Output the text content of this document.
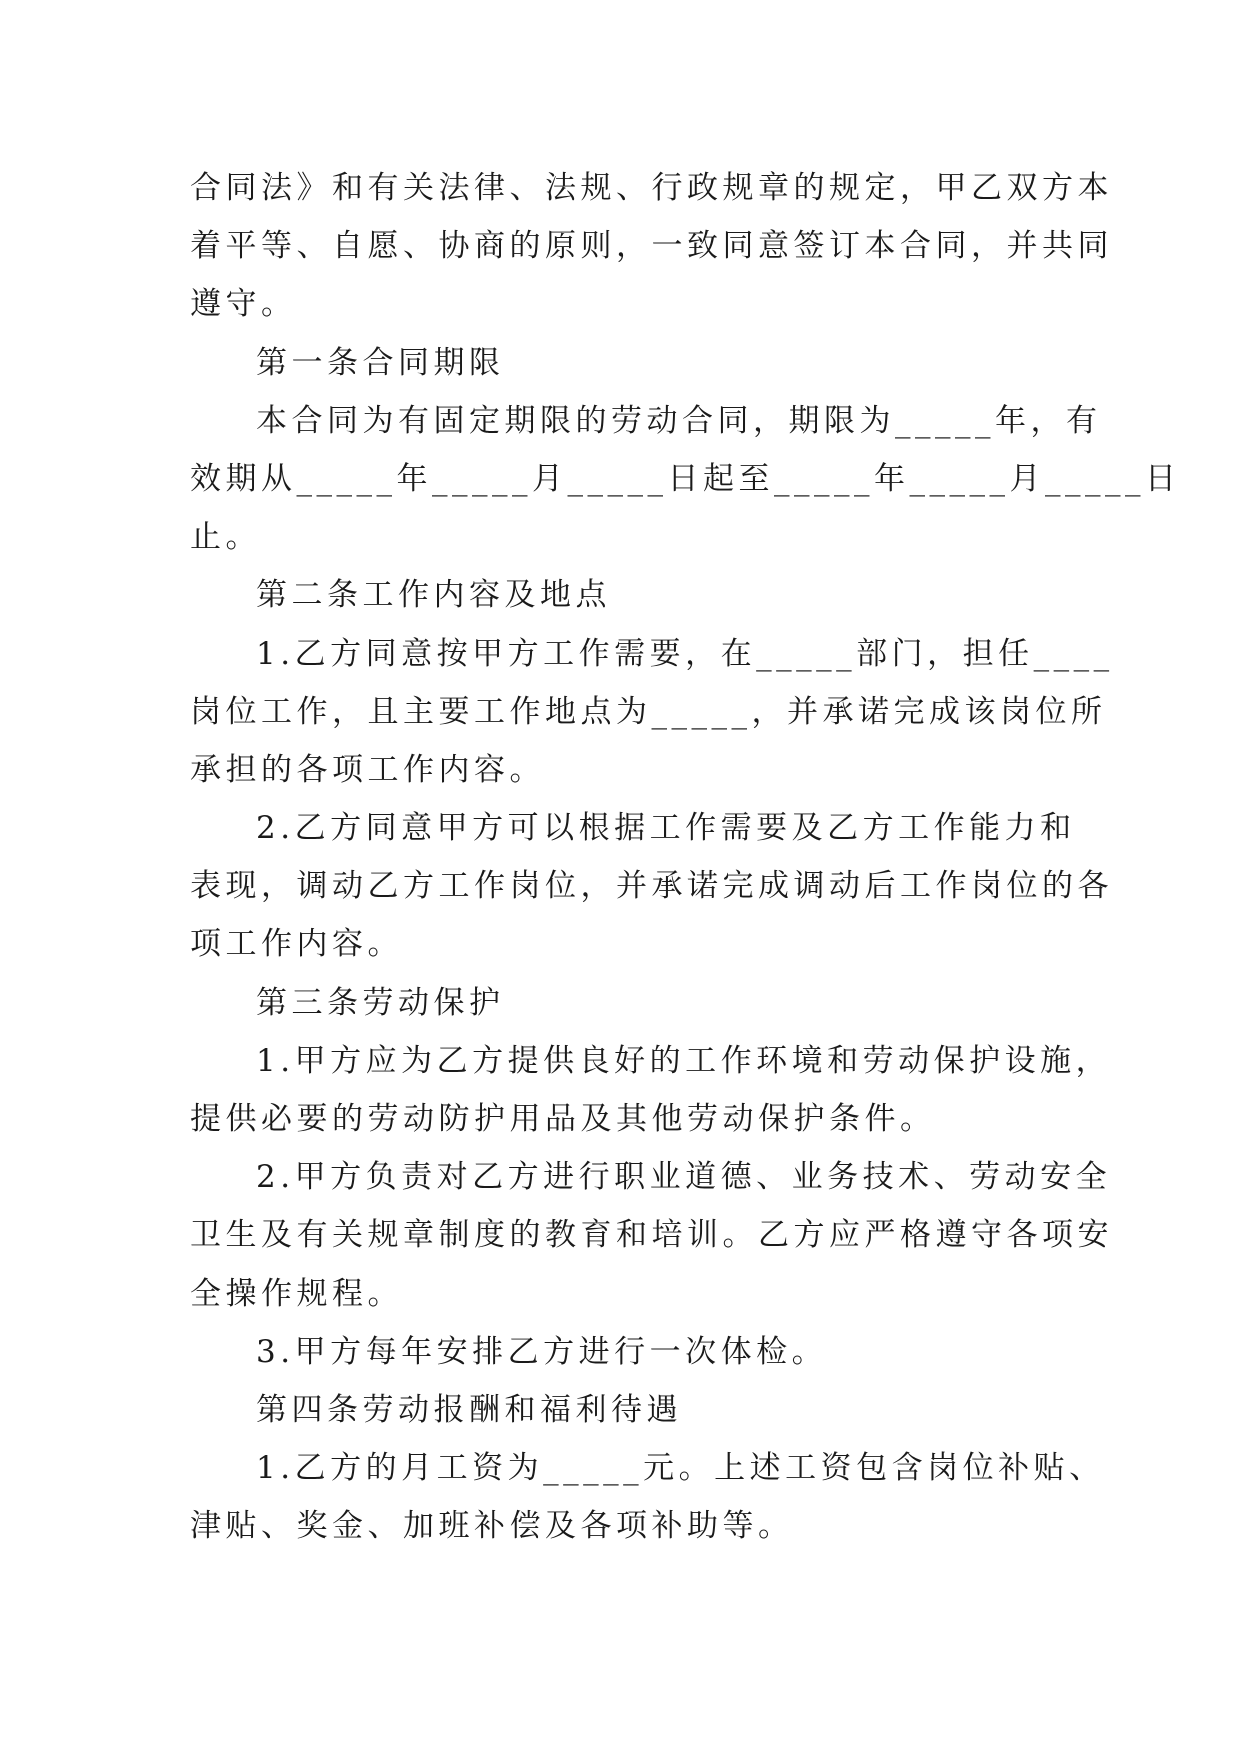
合同法》和有关法律、法规、行政规章的规定，甲乙双方本
着平等、自愿、协商的原则，一致同意签订本合同，并共同
遵守。
第一条合同期限
本合同为有固定期限的劳动合同，期限为_____年，有
效期从_____年_____月_____日起至_____年_____月_____日
止。
第二条工作内容及地点
1.乙方同意按甲方工作需要，在_____部门，担任____
岗位工作，且主要工作地点为_____，并承诺完成该岗位所
承担的各项工作内容。
2.乙方同意甲方可以根据工作需要及乙方工作能力和
表现，调动乙方工作岗位，并承诺完成调动后工作岗位的各
项工作内容。
第三条劳动保护
1.甲方应为乙方提供良好的工作环境和劳动保护设施，
提供必要的劳动防护用品及其他劳动保护条件。
2.甲方负责对乙方进行职业道德、业务技术、劳动安全
卫生及有关规章制度的教育和培训。乙方应严格遵守各项安
全操作规程。
3.甲方每年安排乙方进行一次体检。
第四条劳动报酬和福利待遇
1.乙方的月工资为_____元。上述工资包含岗位补贴、
津贴、奖金、加班补偿及各项补助等。
